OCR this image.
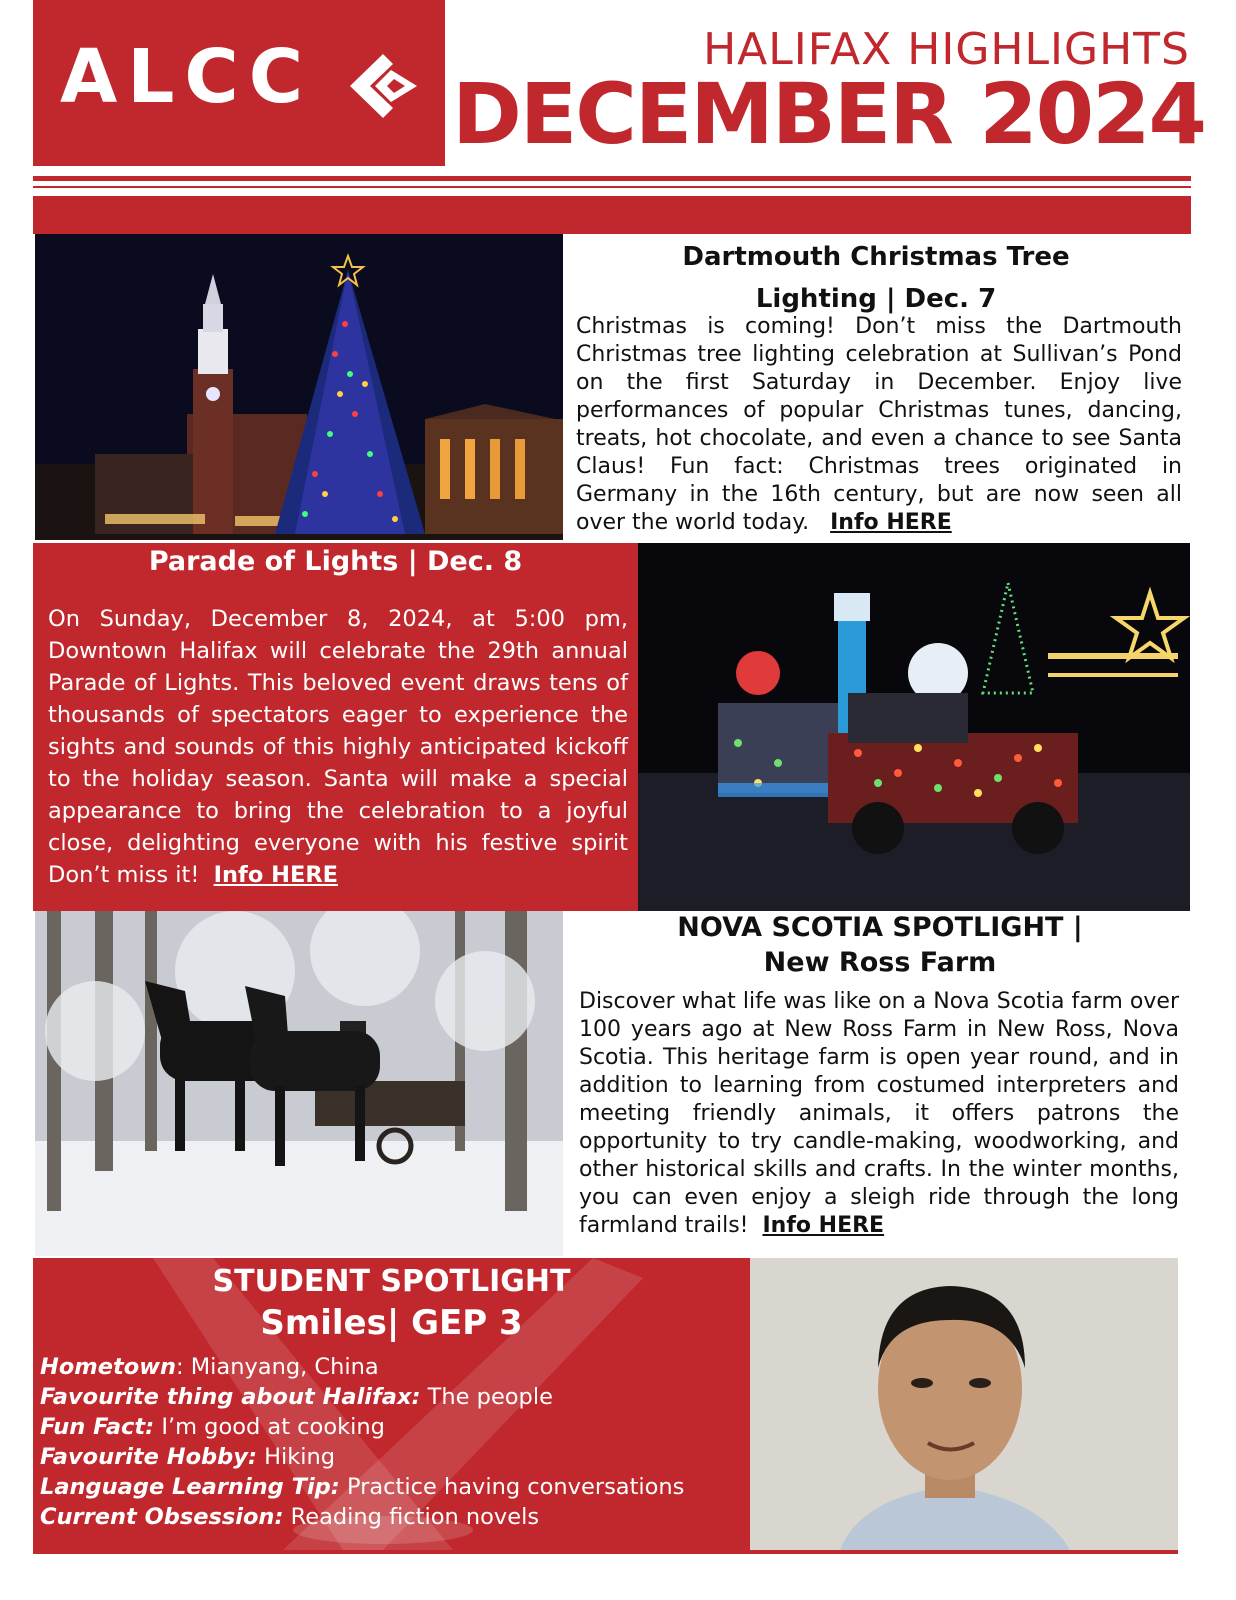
ALCC	HALIFAX HIGHLIGHTS
DECEMBER 2024
Dartmouth Christmas Tree
Lighting | Dec. 7
Christmas is coming! Don’t miss the Dartmouth Christmas tree lighting celebration at Sullivan’s Pond on the first Saturday in December. Enjoy live performances of popular Christmas tunes, dancing, treats, hot chocolate, and even a chance to see Santa Claus! Fun fact: Christmas trees originated in Germany in the 16th century, but are now seen all over the world today. Info HERE
Parade of Lights | Dec. 8
On Sunday, December 8, 2024, at 5:00 pm, Downtown Halifax will celebrate the 29th annual Parade of Lights. This beloved event draws tens of thousands of spectators eager to experience the sights and sounds of this highly anticipated kickoff to the holiday season. Santa will make a special appearance to bring the celebration to a joyful close, delighting everyone with his festive spirit Don’t miss it! Info HERE
NOVA SCOTIA SPOTLIGHT |
New Ross Farm
Discover what life was like on a Nova Scotia farm over 100 years ago at New Ross Farm in New Ross, Nova Scotia. This heritage farm is open year round, and in addition to learning from costumed interpreters and meeting friendly animals, it offers patrons the opportunity to try candle-making, woodworking, and other historical skills and crafts. In the winter months, you can even enjoy a sleigh ride through the long farmland trails! Info HERE
STUDENT SPOTLIGHT
Smiles| GEP 3
Hometown: Mianyang, China
Favourite thing about Halifax: The people
Fun Fact: I’m good at cooking
Favourite Hobby: Hiking
Language Learning Tip: Practice having conversations
Current Obsession: Reading fiction novels
